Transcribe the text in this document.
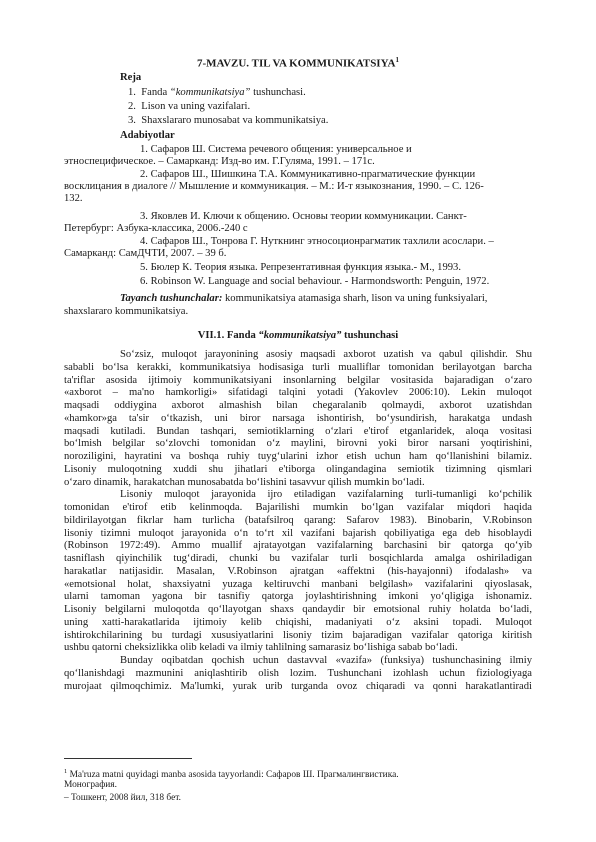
7-MAVZU. TIL VA KOMMUNIKATSIYA$^1$
Reja
1. Fanda “kommunikatsiya” tushunchasi.
2. Lison va uning vazifalari.
3. Shaxslararo munosabat va kommunikatsiya.
Adabiyotlar
1. Сафаров Ш. Система речевого общения: универсальное и
этноспецифическое. – Самарканд: Изд-во им. Г.Гуляма, 1991. – 171с.
2. Сафаров Ш., Шишкина Т.А. Коммуникативно-прагматические функции
восклицания в диалоге // Мышление и коммуникация. – М.: И-т языкознания, 1990. – С. 126-
132.
3. Яковлев И. Ключи к общению. Основы теории коммуникации. Санкт-
Петербург: Азбука-классика, 2006.-240 с
4. Сафаров Ш., Тонрова Г. Нуткнинг этносоционрагматик тахлили асослари. –
Самарканд: СамДЧТИ, 2007. – 39 б.
5. Бюлер К. Теория языка. Репрезентативная функция языка.- М., 1993.
6. Robinson W. Language and social behaviour. - Harmondsworth: Penguin, 1972.
Tayanch tushunchalar: kommunikatsiya atamasiga sharh, lison va uning funksiyalari,
shaxslararo kommunikatsiya.
VII.1. Fanda “kommunikatsiya” tushunchasi
So‘zsiz, muloqot jarayonining asosiy maqsadi axborot uzatish va qabul qilishdir. Shu
sababli bo‘lsa kerakki, kommunikatsiya hodisasiga turli mualliflar tomonidan berilayotgan barcha
ta'riflar asosida ijtimoiy kommunikatsiyani insonlarning belgilar vositasida bajaradigan o‘zaro
«axborot – ma'no hamkorligi» sifatidagi talqini yotadi (Yakovlev 2006:10). Lekin muloqot
maqsadi oddiygina axborot almashish bilan chegaralanib qolmaydi, axborot uzatishdan
«hamkor»ga ta'sir o‘tkazish, uni biror narsaga ishontirish, bo‘ysundirish, harakatga undash
maqsadi kutiladi. Bundan tashqari, semiotiklarning o‘zlari e'tirof etganlaridek, aloqa vositasi
bo‘lmish belgilar so‘zlovchi tomonidan o‘z maylini, birovni yoki biror narsani yoqtirishini,
noroziligini, hayratini va boshqa ruhiy tuyg‘ularini izhor etish uchun ham qo‘llanishini bilamiz.
Lisoniy muloqotning xuddi shu jihatlari e'tiborga olingandagina semiotik tizimning qismlari
o‘zaro dinamik, harakatchan munosabatda bo‘lishini tasavvur qilish mumkin bo‘ladi.
Lisoniy muloqot jarayonida ijro etiladigan vazifalarning turli-tumanligi ko‘pchilik
tomonidan e'tirof etib kelinmoqda. Bajarilishi mumkin bo‘lgan vazifalar miqdori haqida
bildirilayotgan fikrlar ham turlicha (batafsilroq qarang: Safarov 1983). Binobarin, V.Robinson
lisoniy tizimni muloqot jarayonida o‘n to‘rt xil vazifani bajarish qobiliyatiga ega deb hisoblaydi
(Robinson 1972:49). Ammo muallif ajratayotgan vazifalarning barchasini bir qatorga qo‘yib
tasniflash qiyinchilik tug‘diradi, chunki bu vazifalar turli bosqichlarda amalga oshiriladigan
harakatlar natijasidir. Masalan, V.Robinson ajratgan «affektni (his-hayajonni) ifodalash» va
«emotsional holat, shaxsiyatni yuzaga keltiruvchi manbani belgilash» vazifalarini qiyoslasak,
ularni tamoman yagona bir tasnifiy qatorga joylashtirishning imkoni yo‘qligiga ishonamiz.
Lisoniy belgilarni muloqotda qo‘llayotgan shaxs qandaydir bir emotsional ruhiy holatda bo‘ladi,
uning xatti-harakatlarida ijtimoiy kelib chiqishi, madaniyati o‘z aksini topadi. Muloqot
ishtirokchilarining bu turdagi xususiyatlarini lisoniy tizim bajaradigan vazifalar qatoriga kiritish
ushbu qatorni cheksizlikka olib keladi va ilmiy tahlilning samarasiz bo‘lishiga sabab bo‘ladi.
Bunday oqibatdan qochish uchun dastavval «vazifa» (funksiya) tushunchasining ilmiy
qo‘llanishdagi mazmunini aniqlashtirib olish lozim. Tushunchani izohlash uchun fiziologiyaga
murojaat qilmoqchimiz. Ma'lumki, yurak urib turganda ovoz chiqaradi va qonni harakatlantiradi
$^1$ Ma'ruza matni quyidagi manba asosida tayyorlandi: Сафаров Ш. Прагмалингвистика.
Монография.
– Тошкент, 2008 йил, 318 бет.
